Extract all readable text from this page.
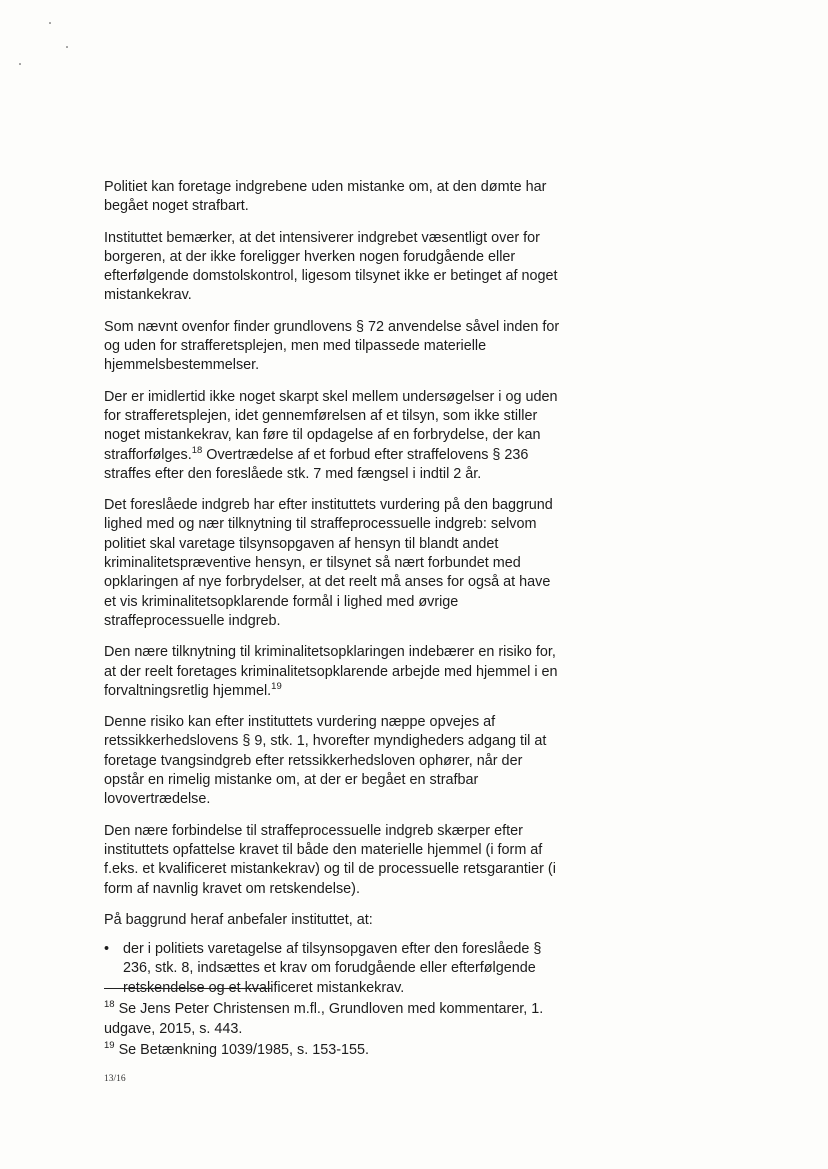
Politiet kan foretage indgrebene uden mistanke om, at den dømte har begået noget strafbart.

Instituttet bemærker, at det intensiverer indgrebet væsentligt over for borgeren, at der ikke foreligger hverken nogen forudgående eller efterfølgende domstolskontrol, ligesom tilsynet ikke er betinget af noget mistankekrav.

Som nævnt ovenfor finder grundlovens § 72 anvendelse såvel inden for og uden for strafferetsplejen, men med tilpassede materielle hjemmelsbestemmelser.

Der er imidlertid ikke noget skarpt skel mellem undersøgelser i og uden for strafferetsplejen, idet gennemførelsen af et tilsyn, som ikke stiller noget mistankekrav, kan føre til opdagelse af en forbrydelse, der kan strafforfølges.$^{18}$ Overtrædelse af et forbud efter straffelovens § 236 straffes efter den foreslåede stk. 7 med fængsel i indtil 2 år.

Det foreslåede indgreb har efter instituttets vurdering på den baggrund lighed med og nær tilknytning til straffeprocessuelle indgreb: selvom politiet skal varetage tilsynsopgaven af hensyn til blandt andet kriminalitetspræventive hensyn, er tilsynet så nært forbundet med opklaringen af nye forbrydelser, at det reelt må anses for også at have et vis kriminalitetsopklarende formål i lighed med øvrige straffeprocessuelle indgreb.

Den nære tilknytning til kriminalitetsopklaringen indebærer en risiko for, at der reelt foretages kriminalitetsopklarende arbejde med hjemmel i en forvaltningsretlig hjemmel.$^{19}$

Denne risiko kan efter instituttets vurdering næppe opvejes af retssikkerhedslovens § 9, stk. 1, hvorefter myndigheders adgang til at foretage tvangsindgreb efter retssikkerhedsloven ophører, når der opstår en rimelig mistanke om, at der er begået en strafbar lovovertrædelse.

Den nære forbindelse til straffeprocessuelle indgreb skærper efter instituttets opfattelse kravet til både den materielle hjemmel (i form af f.eks. et kvalificeret mistankekrav) og til de processuelle retsgarantier (i form af navnlig kravet om retskendelse).

På baggrund heraf anbefaler instituttet, at:

• der i politiets varetagelse af tilsynsopgaven efter den foreslåede § 236, stk. 8, indsættes et krav om forudgående eller efterfølgende retskendelse og et kvalificeret mistankekrav.

$^{18}$ Se Jens Peter Christensen m.fl., Grundloven med kommentarer, 1. udgave, 2015, s. 443.

$^{19}$ Se Betænkning 1039/1985, s. 153-155.

13/16
